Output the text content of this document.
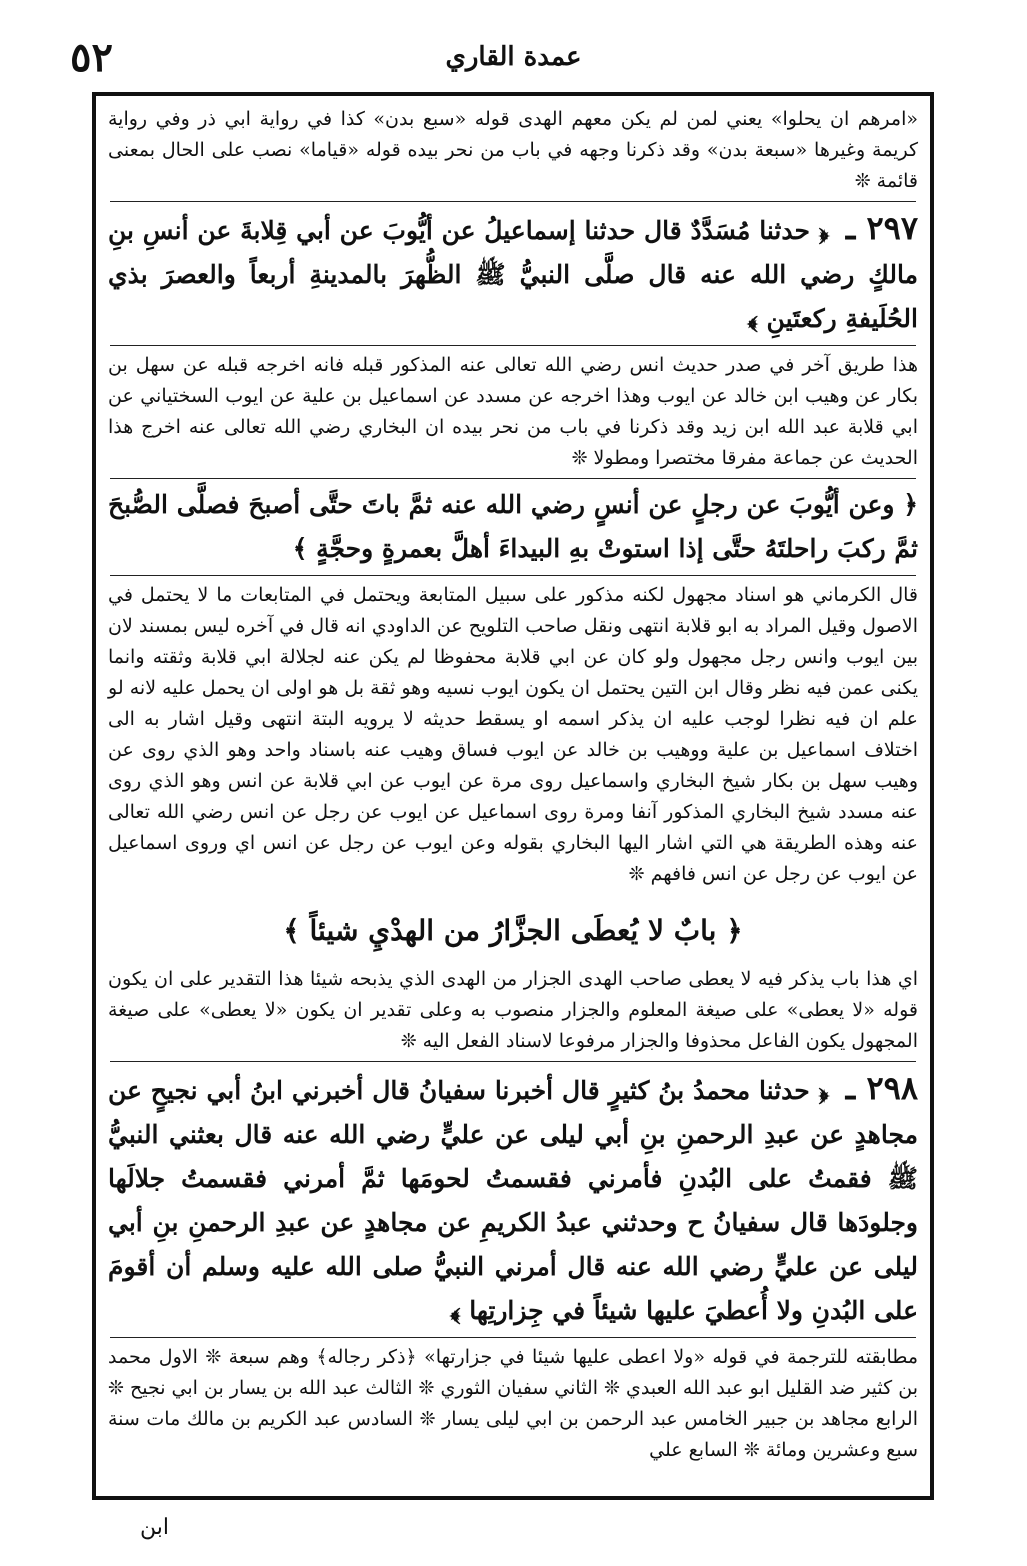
٥٢	عمدة القاري

«امرهم ان يحلوا» يعني لمن لم يكن معهم الهدى قوله «سبع بدن» كذا في رواية ابي ذر وفي رواية كريمة وغيرها «سبعة بدن» وقد ذكرنا وجهه في باب من نحر بيده قوله «قياما» نصب على الحال بمعنى قائمة ❊

٢٩٧ ـ ﴿ حدثنا مُسَدَّدٌ قال حدثنا إسماعيلُ عن أيُّوبَ عن أبي قِلابةَ عن أنسِ بنِ مالكٍ رضي الله عنه قال صلَّى النبيُّ ﷺ الظُّهرَ بالمدينةِ أربعاً والعصرَ بذي الحُلَيفةِ ركعتَينِ ﴾

هذا طريق آخر في صدر حديث انس رضي الله تعالى عنه المذكور قبله فانه اخرجه قبله عن سهل بن بكار عن وهيب ابن خالد عن ايوب وهذا اخرجه عن مسدد عن اسماعيل بن علية عن ايوب السختياني عن ابي قلابة عبد الله ابن زيد وقد ذكرنا في باب من نحر بيده ان البخاري رضي الله تعالى عنه اخرج هذا الحديث عن جماعة مفرقا مختصرا ومطولا ❊

﴿ وعن أيُّوبَ عن رجلٍ عن أنسٍ رضي الله عنه ثمَّ باتَ حتَّى أصبحَ فصلَّى الصُّبحَ ثمَّ ركبَ راحلتَهُ حتَّى إذا استوتْ بهِ البيداءَ أهلَّ بعمرةٍ وحجَّةٍ ﴾

قال الكرماني هو اسناد مجهول لكنه مذكور على سبيل المتابعة ويحتمل في المتابعات ما لا يحتمل في الاصول وقيل المراد به ابو قلابة انتهى ونقل صاحب التلويح عن الداودي انه قال في آخره ليس بمسند لان بين ايوب وانس رجل مجهول ولو كان عن ابي قلابة محفوظا لم يكن عنه لجلالة ابي قلابة وثقته وانما يكنى عمن فيه نظر وقال ابن التين يحتمل ان يكون ايوب نسيه وهو ثقة بل هو اولى ان يحمل عليه لانه لو علم ان فيه نظرا لوجب عليه ان يذكر اسمه او يسقط حديثه لا يرويه البتة انتهى وقيل اشار به الى اختلاف اسماعيل بن علية ووهيب بن خالد عن ايوب فساق وهيب عنه باسناد واحد وهو الذي روى عن وهيب سهل بن بكار شيخ البخاري واسماعيل روى مرة عن ايوب عن ابي قلابة عن انس وهو الذي روى عنه مسدد شيخ البخاري المذكور آنفا ومرة روى اسماعيل عن ايوب عن رجل عن انس رضي الله تعالى عنه وهذه الطريقة هي التي اشار اليها البخاري بقوله وعن ايوب عن رجل عن انس اي وروى اسماعيل عن ايوب عن رجل عن انس فافهم ❊

﴿ بابٌ لا يُعطَى الجزَّارُ من الهدْيِ شيئاً ﴾

اي هذا باب يذكر فيه لا يعطى صاحب الهدى الجزار من الهدى الذي يذبحه شيئا هذا التقدير على ان يكون قوله «لا يعطى» على صيغة المعلوم والجزار منصوب به وعلى تقدير ان يكون «لا يعطى» على صيغة المجهول يكون الفاعل محذوفا والجزار مرفوعا لاسناد الفعل اليه ❊

٢٩٨ ـ ﴿ حدثنا محمدُ بنُ كثيرٍ قال أخبرنا سفيانُ قال أخبرني ابنُ أبي نجيحٍ عن مجاهدٍ عن عبدِ الرحمنِ بنِ أبي ليلى عن عليٍّ رضي الله عنه قال بعثني النبيُّ ﷺ فقمتُ على البُدنِ فأمرني فقسمتُ لحومَها ثمَّ أمرني فقسمتُ جلالَها وجلودَها قال سفيانُ ح وحدثني عبدُ الكريمِ عن مجاهدٍ عن عبدِ الرحمنِ بنِ أبي ليلى عن عليٍّ رضي الله عنه قال أمرني النبيُّ صلى الله عليه وسلم أن أقومَ على البُدنِ ولا أُعطيَ عليها شيئاً في جِزارتِها ﴾

مطابقته للترجمة في قوله «ولا اعطى عليها شيئا في جزارتها» ﴿ذكر رجاله﴾ وهم سبعة ❊ الاول محمد بن كثير ضد القليل ابو عبد الله العبدي ❊ الثاني سفيان الثوري ❊ الثالث عبد الله بن يسار بن ابي نجيح ❊ الرابع مجاهد بن جبير الخامس عبد الرحمن بن ابي ليلى يسار ❊ السادس عبد الكريم بن مالك مات سنة سبع وعشرين ومائة ❊ السابع علي

ابن
